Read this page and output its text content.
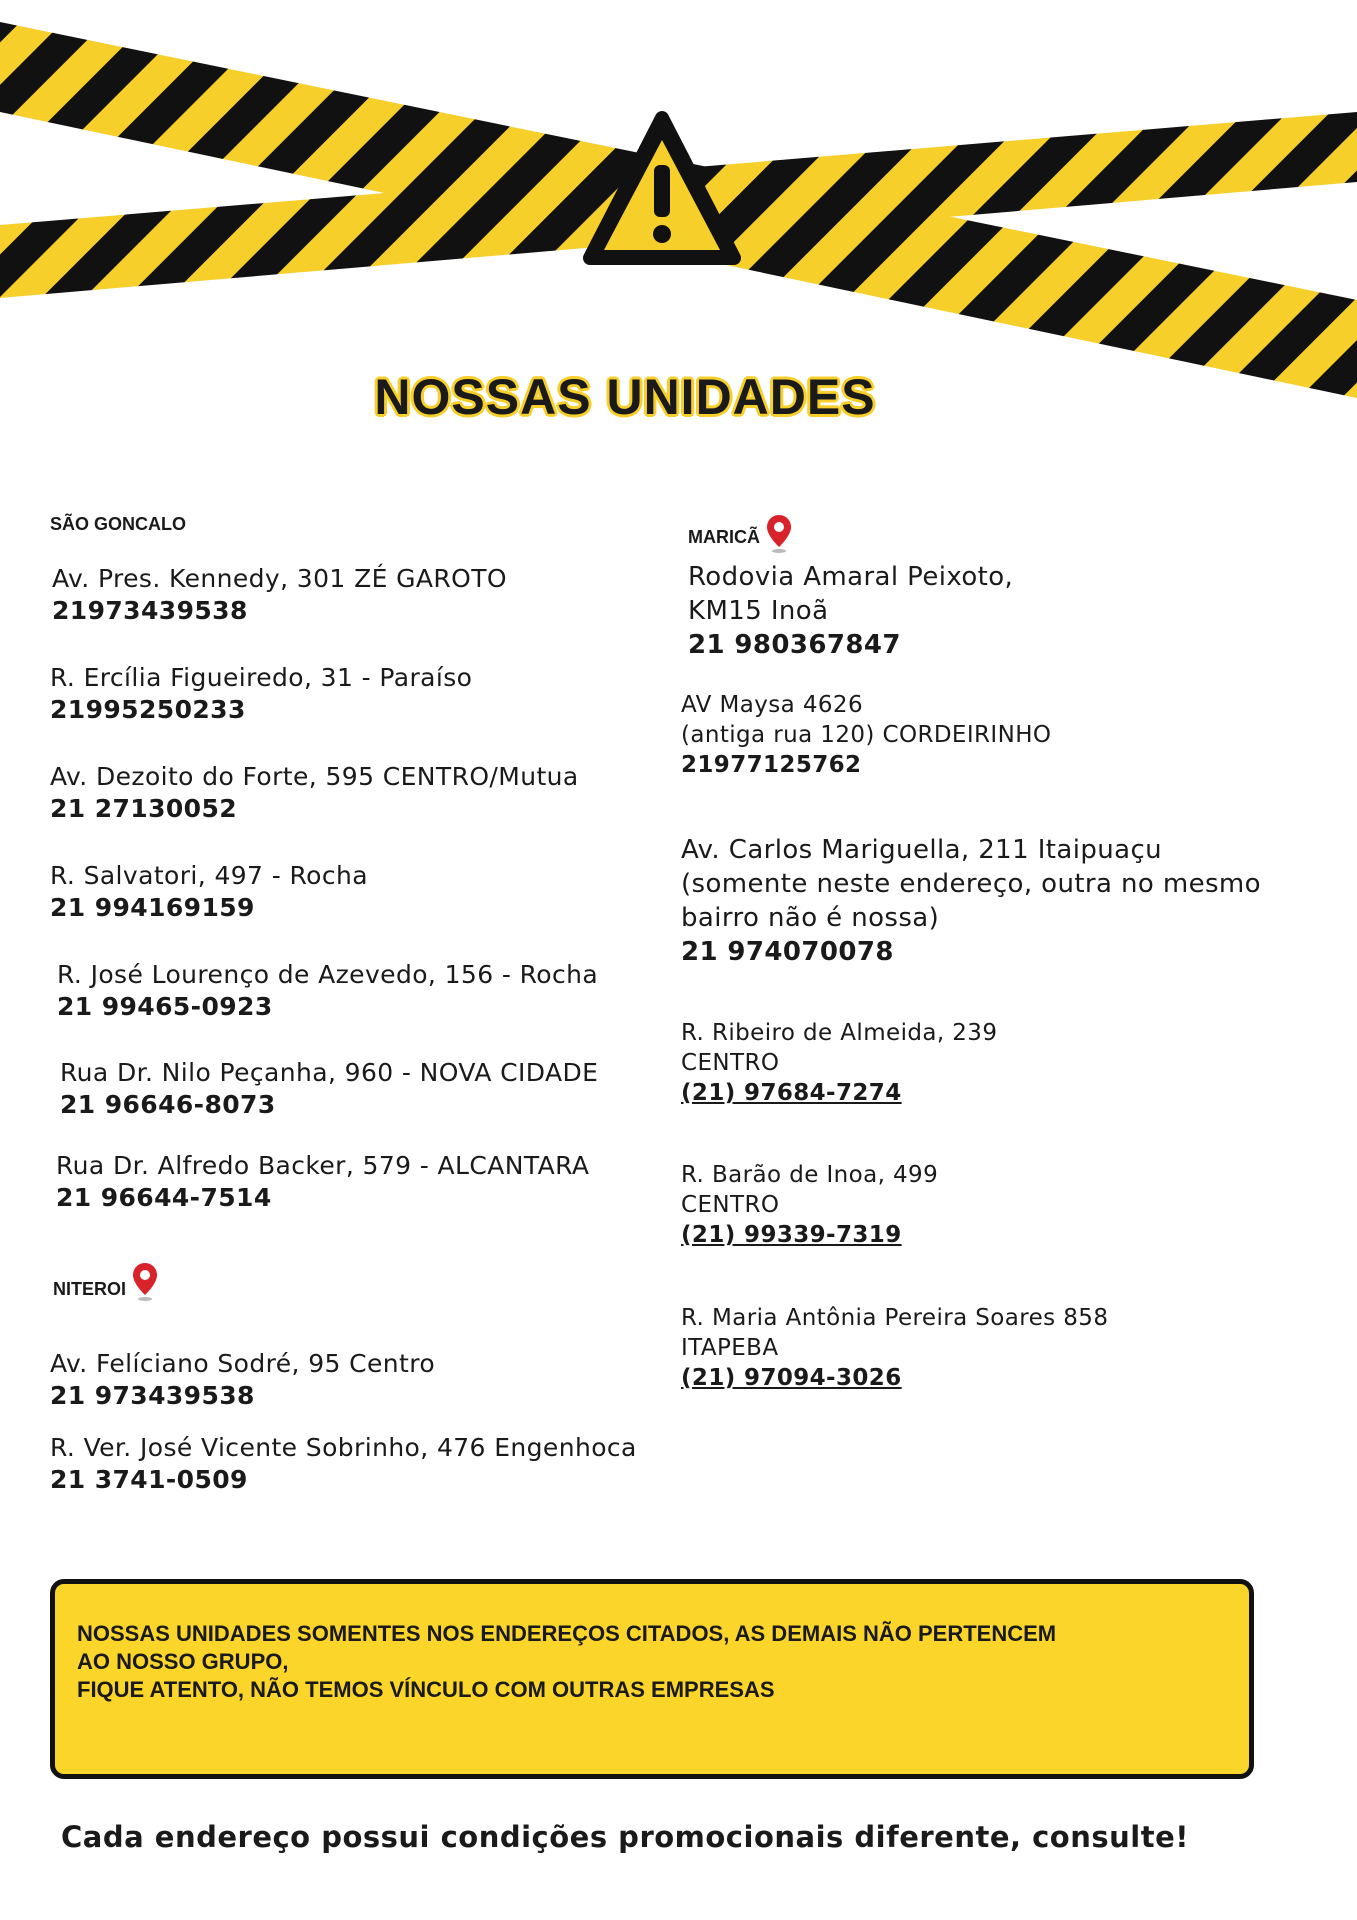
NOSSAS UNIDADES
SÃO GONCALO
Av. Pres. Kennedy, 301 ZÉ GAROTO
21973439538
R. Ercília Figueiredo, 31 - Paraíso
21995250233
Av. Dezoito do Forte, 595 CENTRO/Mutua
21 27130052
R. Salvatori, 497 - Rocha
21 994169159
R. José Lourenço de Azevedo, 156 - Rocha
21 99465-0923
Rua Dr. Nilo Peçanha, 960 - NOVA CIDADE
21 96646-8073
Rua Dr. Alfredo Backer, 579 - ALCANTARA
21 96644-7514
NITEROI
Av. Felíciano Sodré, 95 Centro
21 973439538
R. Ver. José Vicente Sobrinho, 476 Engenhoca
21 3741-0509
MARICÃ
Rodovia Amaral Peixoto,
KM15 Inoã
21 980367847
AV Maysa 4626
(antiga rua 120) CORDEIRINHO
21977125762
Av. Carlos Mariguella, 211 Itaipuaçu
(somente neste endereço, outra no mesmo
bairro não é nossa)
21 974070078
R. Ribeiro de Almeida, 239
CENTRO
(21) 97684-7274
R. Barão de Inoa, 499
CENTRO
(21) 99339-7319
R. Maria Antônia Pereira Soares 858
ITAPEBA
(21) 97094-3026
NOSSAS UNIDADES SOMENTES NOS ENDEREÇOS CITADOS, AS DEMAIS NÃO PERTENCEM
AO NOSSO GRUPO,
FIQUE ATENTO, NÃO TEMOS VÍNCULO COM OUTRAS EMPRESAS
Cada endereço possui condições promocionais diferente, consulte!
